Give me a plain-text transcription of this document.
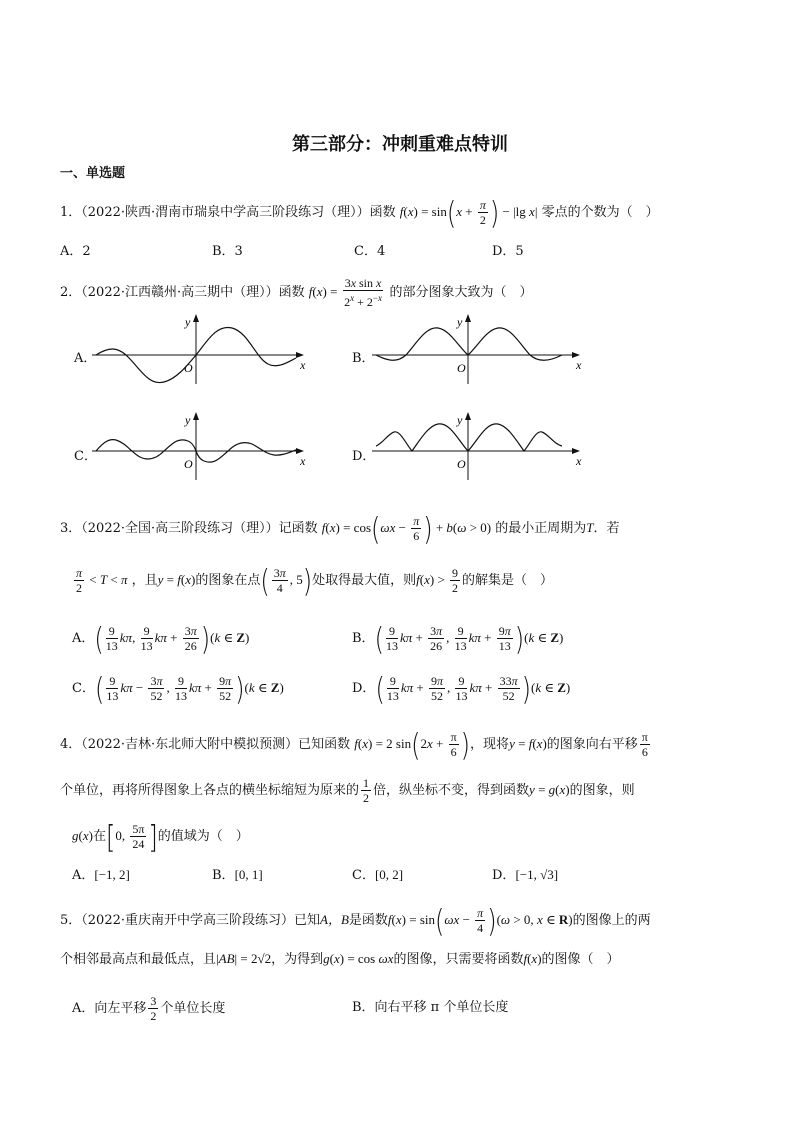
第三部分：冲刺重难点特训
一、单选题
1．（2022·陕西·渭南市瑞泉中学高三阶段练习（理））函数 $f(x) = \sin(x + \frac{\pi}{2}$ ) − |lg x| 零点的个数为（　）
A．2	B．3	C．4	D．5
2．（2022·江西赣州·高三期中（理））函数 $f(x) = \frac{\text{3x sin x}}{2^x + 2^{-x}}$ 的部分图象大致为（　）
A．	B．
C．	D．
x
y
O	x
y
O
x
y
O	x
y
O
3．（2022·全国·高三阶段练习（理））记函数 $f(x) = \cos(\omega x - \frac{\pi}{6}$ ) + b(ω > 0) 的最小正周期为T．若
$\frac{\pi}{2} < T < \pi$ ，且y = f(x)的图象在点( $\frac{3\pi}{4}$ , 5)处取得最大值，则$f(x) > \frac{9}{2}$ 的解集是（　）
A．( $\frac{9}{13} k\pi$, $\frac{9}{13}$ $k\pi + \frac{3\pi}{26} )(k$ ∈ Z)	B．( $\frac{9}{13}$ $k\pi + \frac{3\pi}{26}$ , $\frac{9}{13}$ $k\pi + \frac{9\pi}{13} )(k$ ∈ Z)
C．( $\frac{9}{13}$ $k\pi - \frac{3\pi}{52}$ , $\frac{9}{13}$ $k\pi + \frac{9\pi}{52} )(k$ ∈ Z)	D．( $\frac{9}{13}$ $k\pi + \frac{9\pi}{52}$ , $\frac{9}{13}$ $k\pi + \frac{33\pi}{52} )(k$ ∈ Z)
4．（2022·吉林·东北师大附中模拟预测）已知函数 f(x) = 2 $\sin(2x + \frac{\pi}{6}$ )，现将y = f(x)的图象向右平移 $\frac{\pi}{6}$
个单位，再将所得图象上各点的横坐标缩短为原来的 $\frac{1}{2}$ 倍，纵坐标不变，得到函数y = g(x)的图象，则
g(x)在[0, $\frac{5\pi}{24}$ ]的值域为（　）
A．[−1, 2]	B．[0, 1]	C．[0, 2]	D．[−1, √3]
5．（2022·重庆南开中学高三阶段练习）已知A，B是函数$f(x) = \sin(\omega x - \frac{\pi}{4} )(\omega > 0$, x ∈ R)的图像上的两
个相邻最高点和最低点，且|AB| = 2√2，为得到g(x) = cos ωx的图像，只需要将函数f(x)的图像（　）
A．向左平移 $\frac{3}{2}$ 个单位长度	B．向右平移 π 个单位长度
